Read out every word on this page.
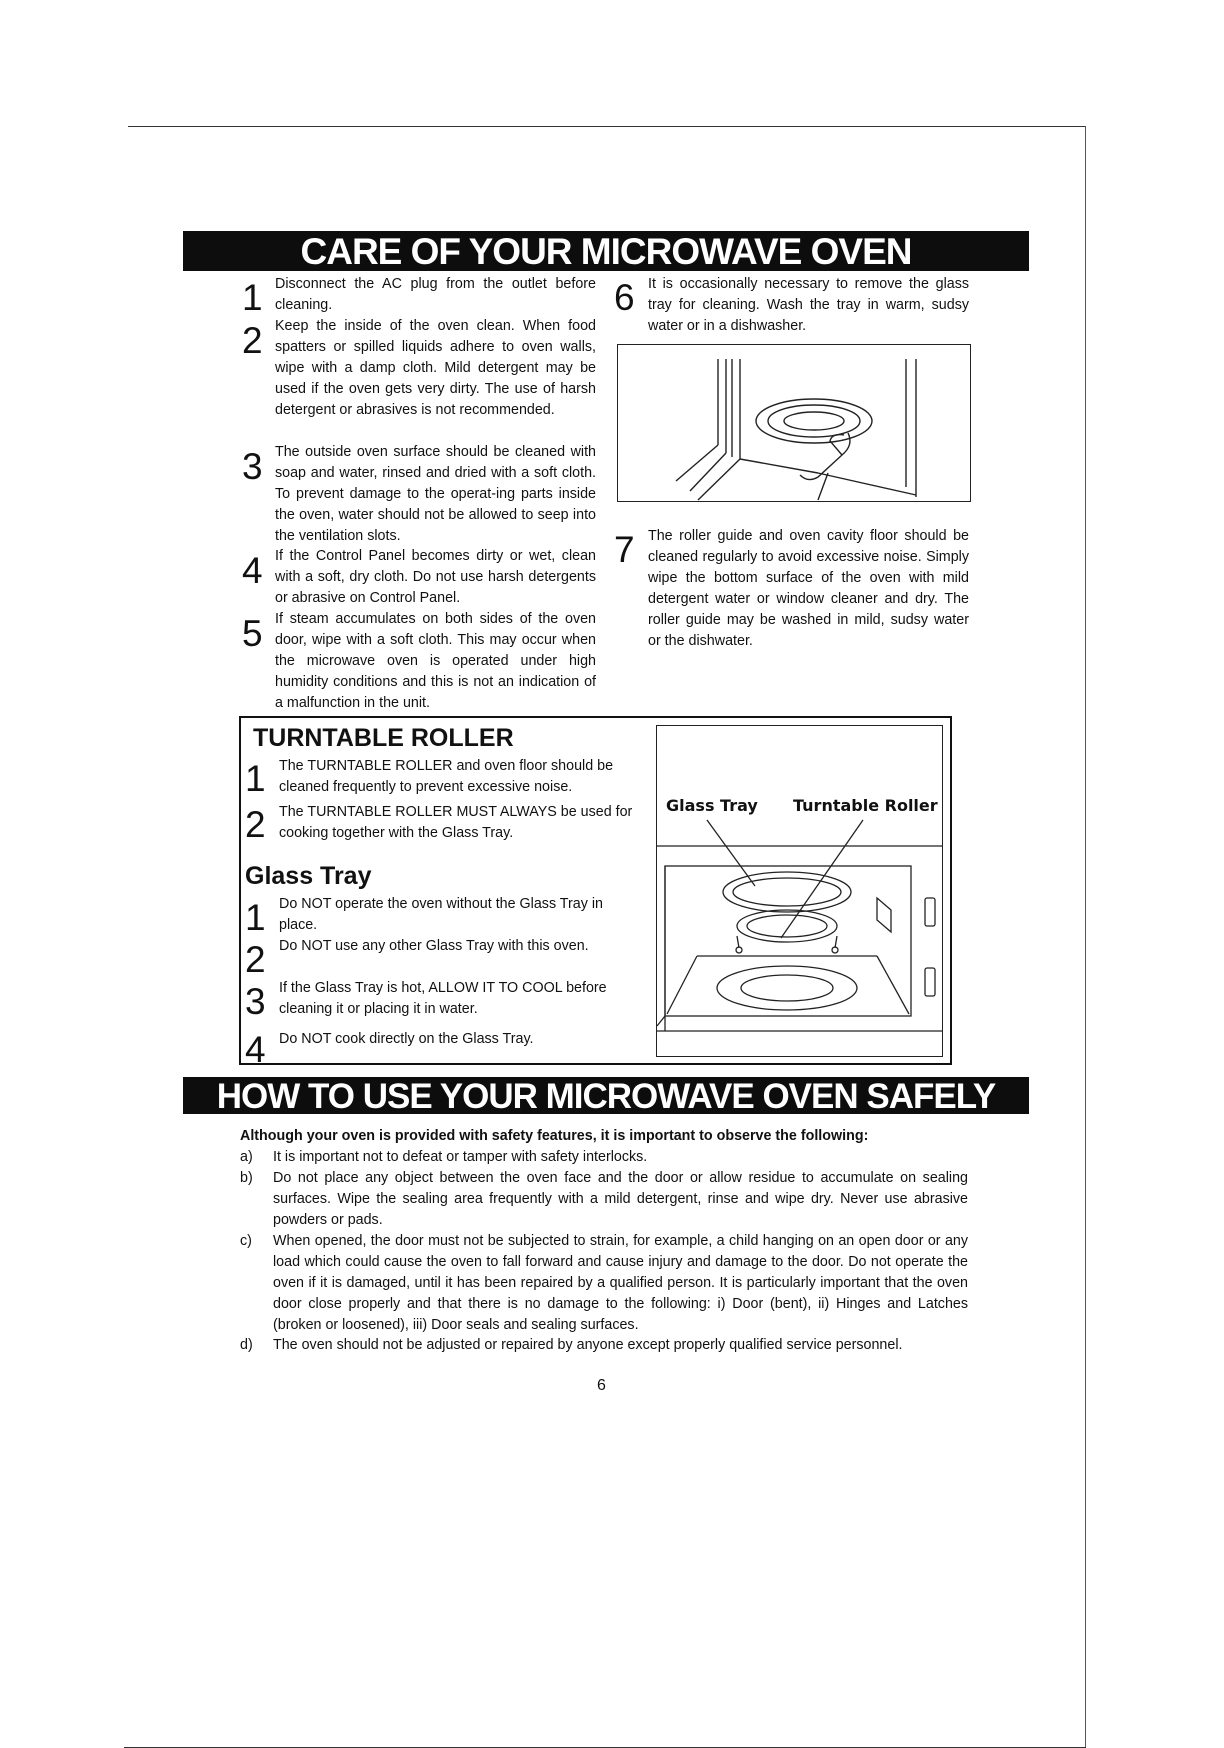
CARE OF YOUR MICROWAVE OVEN
1 Disconnect the AC plug from the outlet before cleaning.
2 Keep the inside of the oven clean. When food spatters or spilled liquids adhere to oven walls, wipe with a damp cloth. Mild detergent may be used if the oven gets very dirty. The use of harsh detergent or abrasives is not recommended.
3 The outside oven surface should be cleaned with soap and water, rinsed and dried with a soft cloth. To prevent damage to the operat-ing parts inside the oven, water should not be allowed to seep into the ventilation slots.
4 If the Control Panel becomes dirty or wet, clean with a soft, dry cloth. Do not use harsh detergents or abrasive on Control Panel.
5 If steam accumulates on both sides of the oven door, wipe with a soft cloth. This may occur when the microwave oven is operated under high humidity conditions and this is not an indication of a malfunction in the unit.
6 It is occasionally necessary to remove the glass tray for cleaning. Wash the tray in warm, sudsy water or in a dishwasher.
7 The roller guide and oven cavity floor should be cleaned regularly to avoid excessive noise. Simply wipe the bottom surface of the oven with mild detergent water or window cleaner and dry. The roller guide may be washed in mild, sudsy water or the dishwater.
TURNTABLE ROLLER
1 The TURNTABLE ROLLER and oven floor should be cleaned frequently to prevent excessive noise.
2 The TURNTABLE ROLLER MUST ALWAYS be used for cooking together with the Glass Tray.
Glass Tray
1 Do NOT operate the oven without the Glass Tray in place.
2 Do NOT use any other Glass Tray with this oven.
3 If the Glass Tray is hot, ALLOW IT TO COOL before cleaning it or placing it in water.
4 Do NOT cook directly on the Glass Tray.
Glass Tray Turntable Roller
HOW TO USE YOUR MICROWAVE OVEN SAFELY
Although your oven is provided with safety features, it is important to observe the following:
a) It is important not to defeat or tamper with safety interlocks.
b) Do not place any object between the oven face and the door or allow residue to accumulate on sealing surfaces. Wipe the sealing area frequently with a mild detergent, rinse and wipe dry. Never use abrasive powders or pads.
c) When opened, the door must not be subjected to strain, for example, a child hanging on an open door or any load which could cause the oven to fall forward and cause injury and damage to the door. Do not operate the oven if it is damaged, until it has been repaired by a qualified person. It is particularly important that the oven door close properly and that there is no damage to the following: i) Door (bent), ii) Hinges and Latches (broken or loosened), iii) Door seals and sealing surfaces.
d) The oven should not be adjusted or repaired by anyone except properly qualified service personnel.
6
